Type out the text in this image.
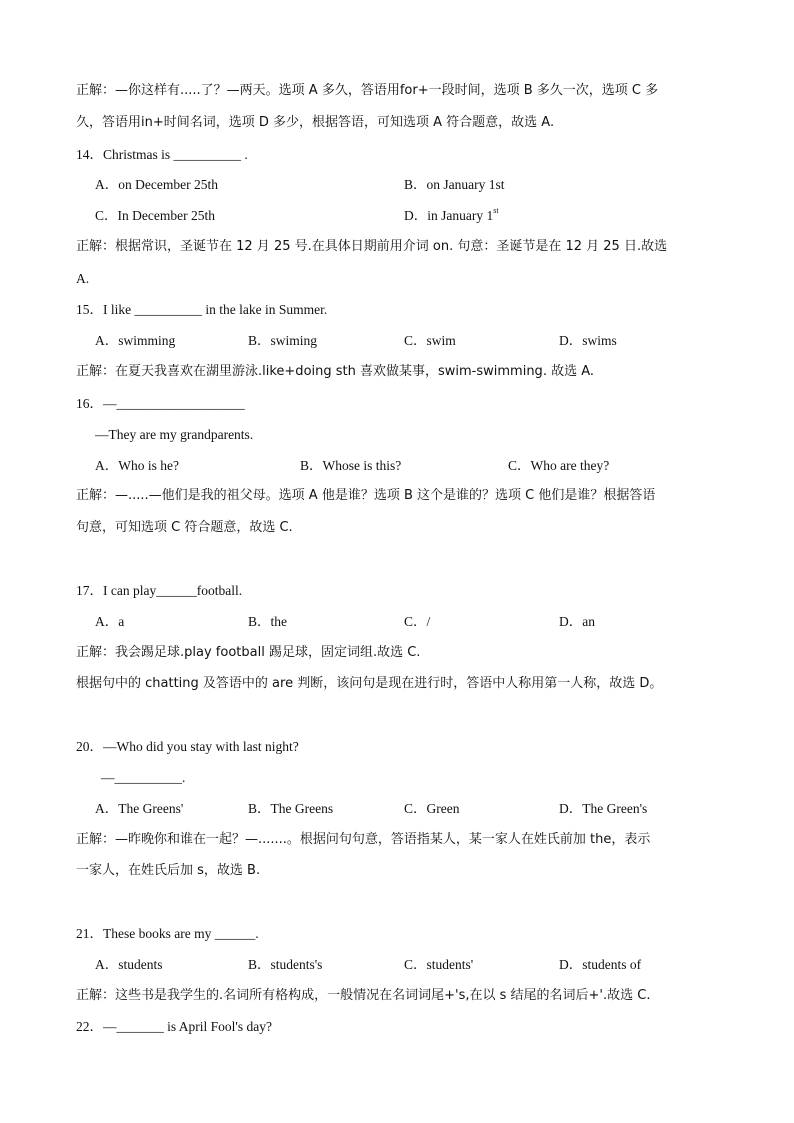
正解：—你这样有.....了？—两天。选项 A 多久，答语用for+一段时间，选项 B 多久一次，选项 C 多
久，答语用in+时间名词，选项 D 多少，根据答语，可知选项 A 符合题意，故选 A.
14．Christmas is __________ .
A．on December 25th	B．on January 1st
C．In December 25th	D．in January 1st
正解：根据常识，圣诞节在 12 月 25 号.在具体日期前用介词 on. 句意：圣诞节是在 12 月 25 日.故选
A.
15．I like __________ in the lake in Summer.
A．swimming	B．swiming	C．swim	D．swims
正解：在夏天我喜欢在湖里游泳.like+doing sth 喜欢做某事，swim-swimming. 故选 A.
16．—___________________
—They are my grandparents.
A．Who is he?	B．Whose is this?	C．Who are they?
正解：—.....—他们是我的祖父母。选项 A 他是谁？选项 B 这个是谁的？选项 C 他们是谁？根据答语
句意，可知选项 C 符合题意，故选 C.
17．I can play______football.
A．a	B．the	C．/	D．an
正解：我会踢足球.play football 踢足球，固定词组.故选 C.
根据句中的 chatting 及答语中的 are 判断，该问句是现在进行时，答语中人称用第一人称，故选 D。
20．—Who did you stay with last night?
—__________.
A．The Greens'	B．The Greens	C．Green	D．The Green's
正解：—昨晚你和谁在一起？—.......。根据问句句意，答语指某人，某一家人在姓氏前加 the，表示
一家人，在姓氏后加 s，故选 B.
21．These books are my ______.
A．students	B．students's	C．students'	D．students of
正解：这些书是我学生的.名词所有格构成，一般情况在名词词尾+'s,在以 s 结尾的名词后+'.故选 C.
22．—_______ is April Fool's day?
